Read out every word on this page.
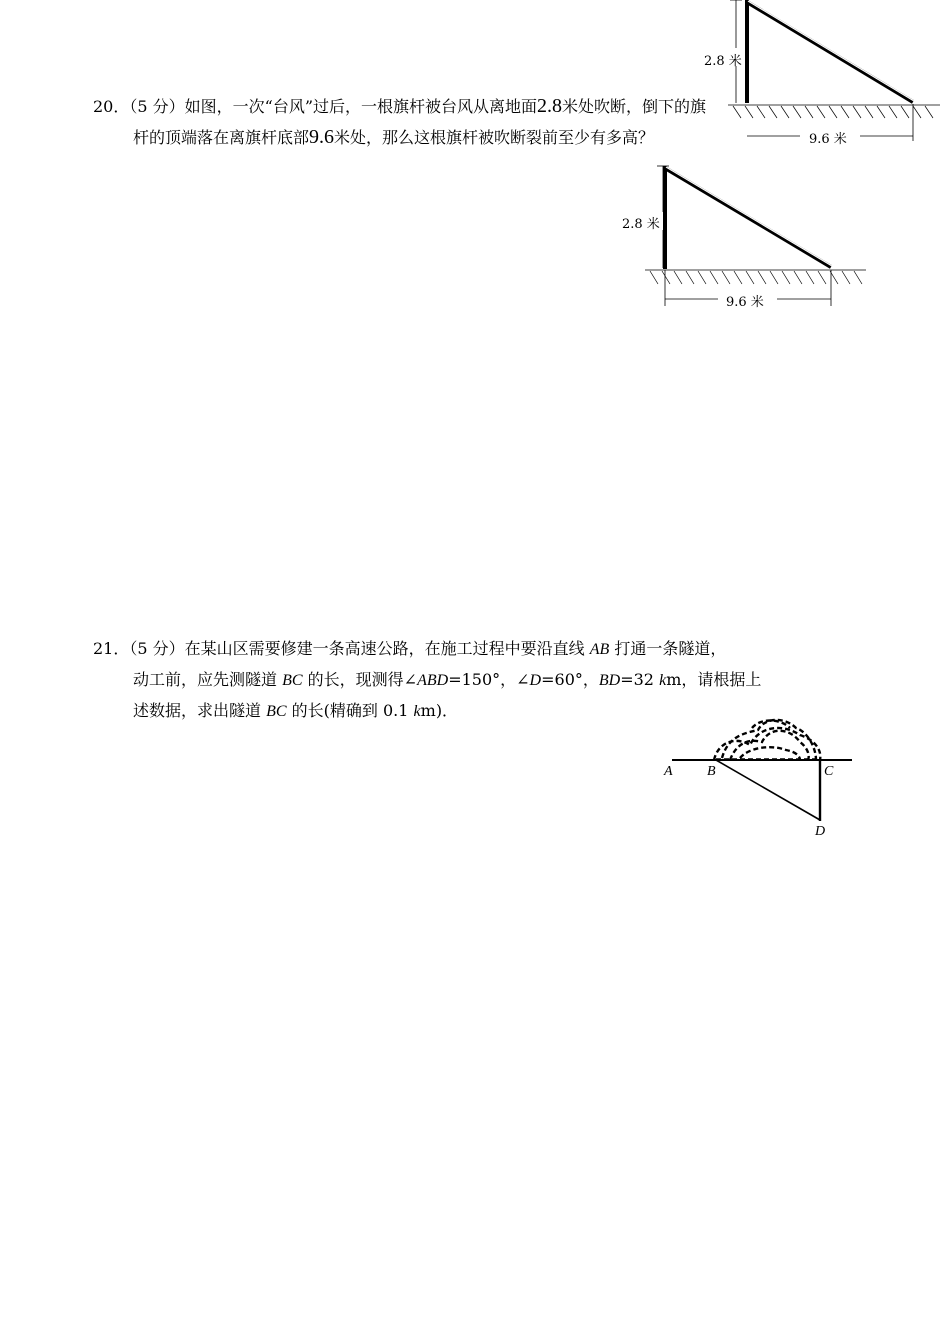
2.8 米
9.6 米
20．（5 分）如图，一次“台风”过后，一根旗杆被台风从离地面2.8米处吹断，倒下的旗
杆的顶端落在离旗杆底部9.6米处，那么这根旗杆被吹断裂前至少有多高？
2.8 米
9.6 米
21．（5 分）在某山区需要修建一条高速公路，在施工过程中要沿直线 AB 打通一条隧道，
动工前，应先测隧道 BC 的长，现测得∠ABD=150°，∠D=60°，BD=32 km，请根据上
述数据，求出隧道 BC 的长(精确到 0.1 km)．
A B	C
D
